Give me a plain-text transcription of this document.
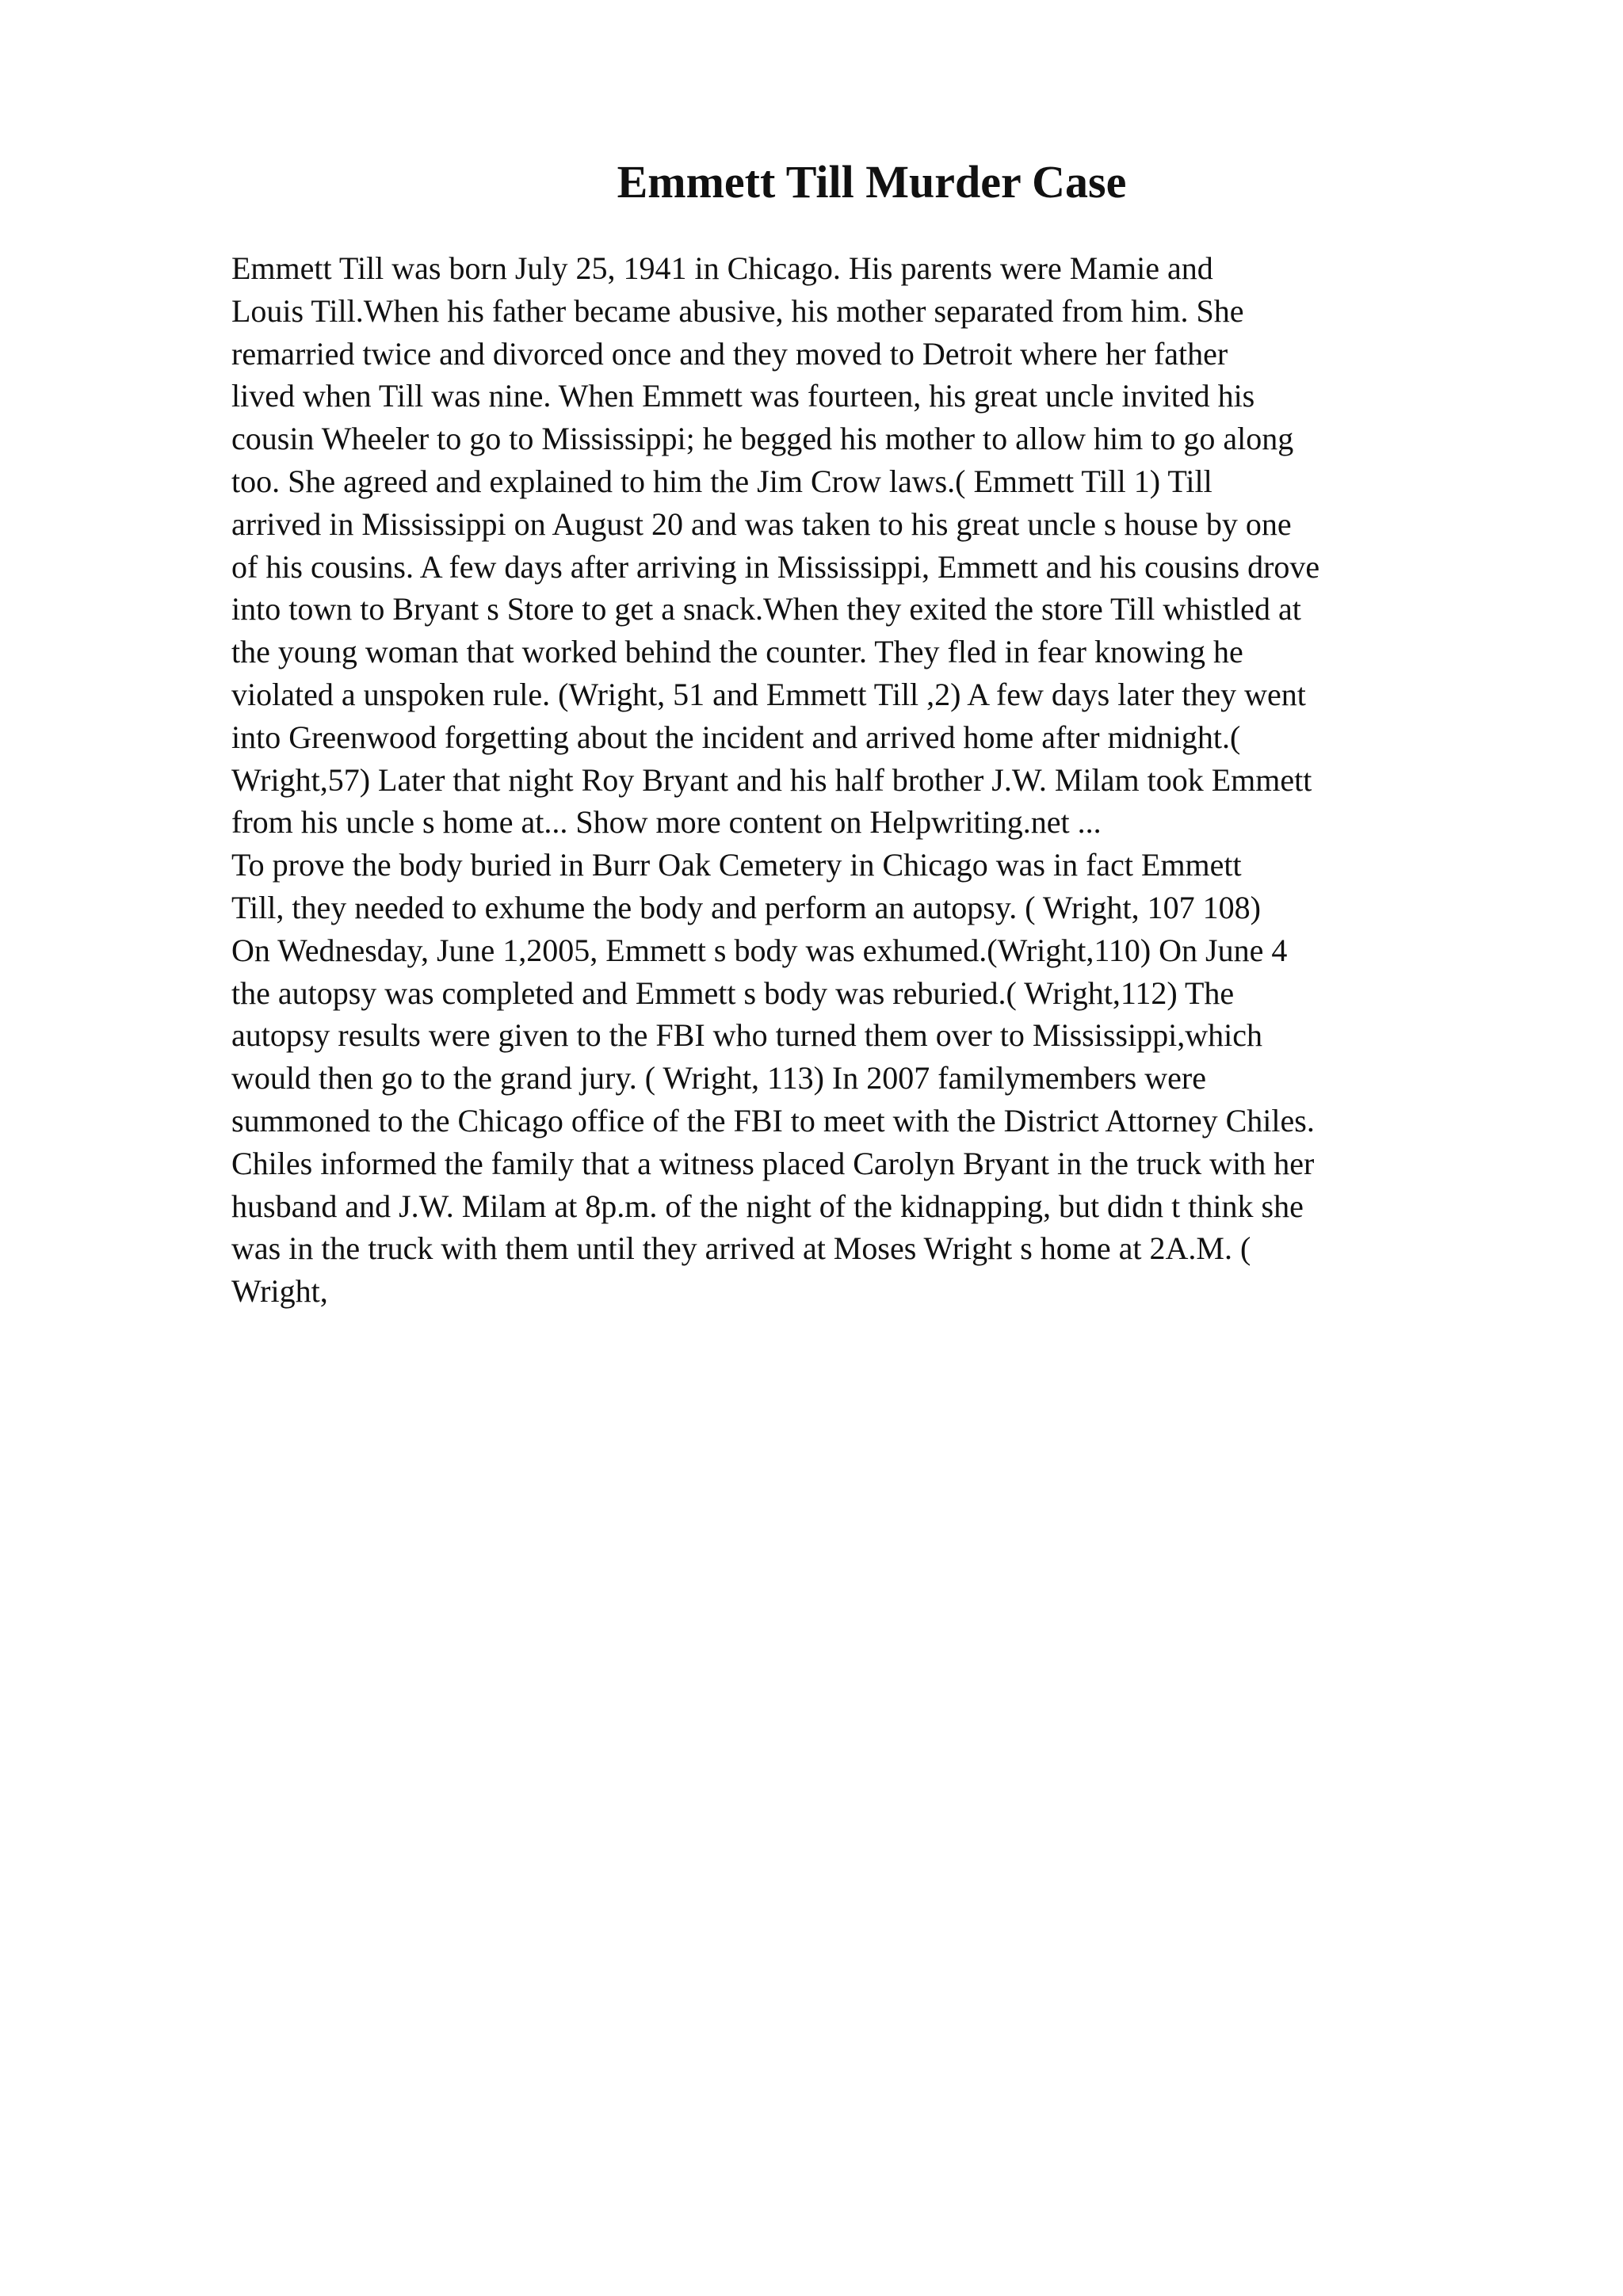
Emmett Till Murder Case
Emmett Till was born July 25, 1941 in Chicago. His parents were Mamie and
Louis Till.When his father became abusive, his mother separated from him. She
remarried twice and divorced once and they moved to Detroit where her father
lived when Till was nine. When Emmett was fourteen, his great uncle invited his
cousin Wheeler to go to Mississippi; he begged his mother to allow him to go along
too. She agreed and explained to him the Jim Crow laws.( Emmett Till 1) Till
arrived in Mississippi on August 20 and was taken to his great uncle s house by one
of his cousins. A few days after arriving in Mississippi, Emmett and his cousins drove
into town to Bryant s Store to get a snack.When they exited the store Till whistled at
the young woman that worked behind the counter. They fled in fear knowing he
violated a unspoken rule. (Wright, 51 and Emmett Till ,2) A few days later they went
into Greenwood forgetting about the incident and arrived home after midnight.(
Wright,57) Later that night Roy Bryant and his half brother J.W. Milam took Emmett
from his uncle s home at... Show more content on Helpwriting.net ...
To prove the body buried in Burr Oak Cemetery in Chicago was in fact Emmett
Till, they needed to exhume the body and perform an autopsy. ( Wright, 107 108)
On Wednesday, June 1,2005, Emmett s body was exhumed.(Wright,110) On June 4
the autopsy was completed and Emmett s body was reburied.( Wright,112) The
autopsy results were given to the FBI who turned them over to Mississippi,which
would then go to the grand jury. ( Wright, 113) In 2007 familymembers were
summoned to the Chicago office of the FBI to meet with the District Attorney Chiles.
Chiles informed the family that a witness placed Carolyn Bryant in the truck with her
husband and J.W. Milam at 8p.m. of the night of the kidnapping, but didn t think she
was in the truck with them until they arrived at Moses Wright s home at 2A.M. (
Wright,
